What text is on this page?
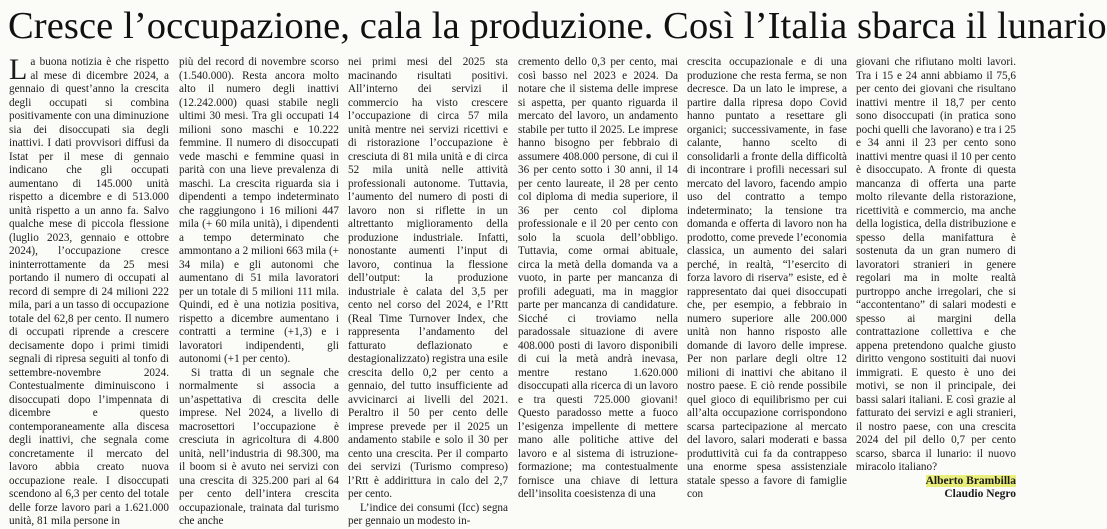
Cresce l’occupazione, cala la produzione. Così l’Italia sbarca il lunario

La buona notizia è che rispetto al mese di dicembre 2024, a gennaio di quest’anno la crescita degli occupati si combina positivamente con una diminuzione sia dei disoccupati sia degli inattivi. I dati provvisori diffusi da Istat per il mese di gennaio indicano che gli occupati aumentano di 145.000 unità rispetto a dicembre e di 513.000 unità rispetto a un anno fa. Salvo qualche mese di piccola flessione (luglio 2023, gennaio e ottobre 2024), l’occupazione cresce ininterrottamente da 25 mesi portando il numero di occupati al record di sempre di 24 milioni 222 mila, pari a un tasso di occupazione totale del 62,8 per cento. Il numero di occupati riprende a crescere decisamente dopo i primi timidi segnali di ripresa seguiti al tonfo di settembre-novembre 2024. Contestualmente diminuiscono i disoccupati dopo l’impennata di dicembre e questo contemporaneamente alla discesa degli inattivi, che segnala come concretamente il mercato del lavoro abbia creato nuova occupazione reale. I disoccupati scendono al 6,3 per cento del totale delle forze lavoro pari a 1.621.000 unità, 81 mila persone in

più del record di novembre scorso (1.540.000). Resta ancora molto alto il numero degli inattivi (12.242.000) quasi stabile negli ultimi 30 mesi. Tra gli occupati 14 milioni sono maschi e 10.222 femmine. Il numero di disoccupati vede maschi e femmine quasi in parità con una lieve prevalenza di maschi. La crescita riguarda sia i dipendenti a tempo indeterminato che raggiungono i 16 milioni 447 mila (+ 60 mila unità), i dipendenti a tempo determinato che ammontano a 2 milioni 663 mila (+ 34 mila) e gli autonomi che aumentano di 51 mila lavoratori per un totale di 5 milioni 111 mila. Quindi, ed è una notizia positiva, rispetto a dicembre aumentano i contratti a termine (+1,3) e i lavoratori indipendenti, gli autonomi (+1 per cento).

Si tratta di un segnale che normalmente si associa a un’aspettativa di crescita delle imprese. Nel 2024, a livello di macrosettori l’occupazione è cresciuta in agricoltura di 4.800 unità, nell’industria di 98.300, ma il boom si è avuto nei servizi con una crescita di 325.200 pari al 64 per cento dell’intera crescita occupazionale, trainata dal turismo che anche

nei primi mesi del 2025 sta macinando risultati positivi. All’interno dei servizi il commercio ha visto crescere l’occupazione di circa 57 mila unità mentre nei servizi ricettivi e di ristorazione l’occupazione è cresciuta di 81 mila unità e di circa 52 mila unità nelle attività professionali autonome. Tuttavia, l’aumento del numero di posti di lavoro non si riflette in un altrettanto miglioramento della produzione industriale. Infatti, nonostante aumenti l’input di lavoro, continua la flessione dell’output: la produzione industriale è calata del 3,5 per cento nel corso del 2024, e l’Rtt (Real Time Turnover Index, che rappresenta l’andamento del fatturato deflazionato e destagionalizzato) registra una esile crescita dello 0,2 per cento a gennaio, del tutto insufficiente ad avvicinarci ai livelli del 2021. Peraltro il 50 per cento delle imprese prevede per il 2025 un andamento stabile e solo il 30 per cento una crescita. Per il comparto dei servizi (Turismo compreso) l’Rtt è addirittura in calo del 2,7 per cento.

L’indice dei consumi (Icc) segna per gennaio un modesto in-

cremento dello 0,3 per cento, mai così basso nel 2023 e 2024. Da notare che il sistema delle imprese si aspetta, per quanto riguarda il mercato del lavoro, un andamento stabile per tutto il 2025. Le imprese hanno bisogno per febbraio di assumere 408.000 persone, di cui il 36 per cento sotto i 30 anni, il 14 per cento laureate, il 28 per cento col diploma di media superiore, il 36 per cento col diploma professionale e il 20 per cento con solo la scuola dell’obbligo. Tuttavia, come ormai abituale, circa la metà della domanda va a vuoto, in parte per mancanza di profili adeguati, ma in maggior parte per mancanza di candidature. Sicché ci troviamo nella paradossale situazione di avere 408.000 posti di lavoro disponibili di cui la metà andrà inevasa, mentre restano 1.620.000 disoccupati alla ricerca di un lavoro e tra questi 725.000 giovani! Questo paradosso mette a fuoco l’esigenza impellente di mettere mano alle politiche attive del lavoro e al sistema di istruzione-formazione; ma contestualmente fornisce una chiave di lettura dell’insolita coesistenza di una

crescita occupazionale e di una produzione che resta ferma, se non decresce. Da un lato le imprese, a partire dalla ripresa dopo Covid hanno puntato a resettare gli organici; successivamente, in fase calante, hanno scelto di consolidarli a fronte della difficoltà di incontrare i profili necessari sul mercato del lavoro, facendo ampio uso del contratto a tempo indeterminato; la tensione tra domanda e offerta di lavoro non ha prodotto, come prevede l’economia classica, un aumento dei salari perché, in realtà, “l’esercito di forza lavoro di riserva” esiste, ed è rappresentato dai quei disoccupati che, per esempio, a febbraio in numero superiore alle 200.000 unità non hanno risposto alle domande di lavoro delle imprese. Per non parlare degli oltre 12 milioni di inattivi che abitano il nostro paese. E ciò rende possibile quel gioco di equilibrismo per cui all’alta occupazione corrispondono scarsa partecipazione al mercato del lavoro, salari moderati e bassa produttività cui fa da contrappeso una enorme spesa assistenziale statale spesso a favore di famiglie con

giovani che rifiutano molti lavori. Tra i 15 e 24 anni abbiamo il 75,6 per cento dei giovani che risultano inattivi mentre il 18,7 per cento sono disoccupati (in pratica sono pochi quelli che lavorano) e tra i 25 e 34 anni il 23 per cento sono inattivi mentre quasi il 10 per cento è disoccupato. A fronte di questa mancanza di offerta una parte molto rilevante della ristorazione, ricettività e commercio, ma anche della logistica, della distribuzione e spesso della manifattura è sostenuta da un gran numero di lavoratori stranieri in genere regolari ma in molte realtà purtroppo anche irregolari, che si “accontentano” di salari modesti e spesso ai margini della contrattazione collettiva e che appena pretendono qualche giusto diritto vengono sostituiti dai nuovi immigrati. E questo è uno dei motivi, se non il principale, dei bassi salari italiani. E così grazie al fatturato dei servizi e agli stranieri, il nostro paese, con una crescita 2024 del pil dello 0,7 per cento scarso, sbarca il lunario: il nuovo miracolo italiano?

Alberto Brambilla
Claudio Negro
